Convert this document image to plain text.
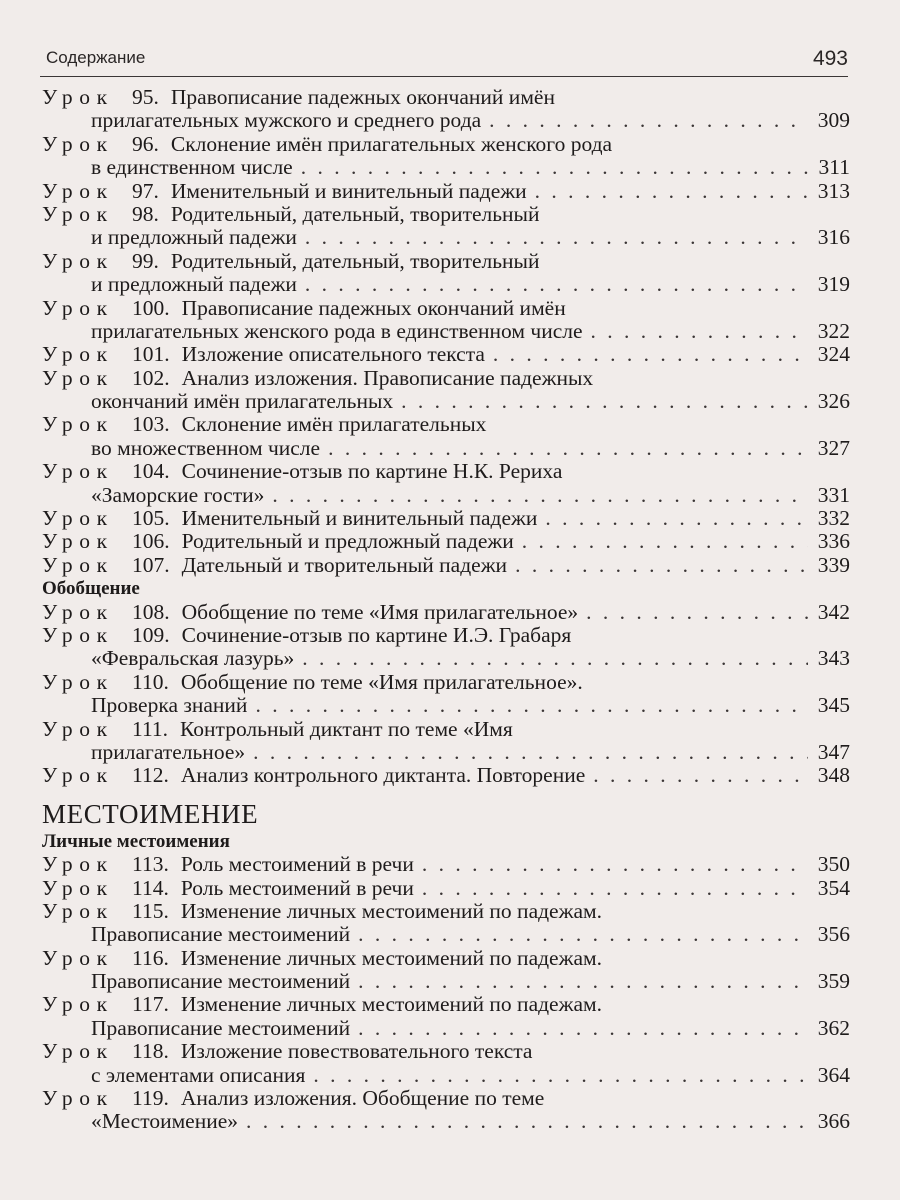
Содержание	493
Урок 95. Правописание падежных окончаний имён
прилагательных мужского и среднего рода . . .	309
Урок 96. Склонение имён прилагательных женского рода
в единственном числе . . .	311
Урок 97. Именительный и винительный падежи . . .	313
Урок 98. Родительный, дательный, творительный
и предложный падежи . . .	316
Урок 99. Родительный, дательный, творительный
и предложный падежи . . .	319
Урок 100. Правописание падежных окончаний имён
прилагательных женского рода в единственном числе . . .	322
Урок 101. Изложение описательного текста . . .	324
Урок 102. Анализ изложения. Правописание падежных
окончаний имён прилагательных . . .	326
Урок 103. Склонение имён прилагательных
во множественном числе . . .	327
Урок 104. Сочинение-отзыв по картине Н.К. Рериха
«Заморские гости» . . .	331
Урок 105. Именительный и винительный падежи . . .	332
Урок 106. Родительный и предложный падежи . . .	336
Урок 107. Дательный и творительный падежи . . .	339
Обобщение
Урок 108. Обобщение по теме «Имя прилагательное» . . .	342
Урок 109. Сочинение-отзыв по картине И.Э. Грабаря
«Февральская лазурь» . . .	343
Урок 110. Обобщение по теме «Имя прилагательное».
Проверка знаний . . .	345
Урок 111. Контрольный диктант по теме «Имя
прилагательное» . . .	347
Урок 112. Анализ контрольного диктанта. Повторение . . .	348
МЕСТОИМЕНИЕ
Личные местоимения
Урок 113. Роль местоимений в речи . . .	350
Урок 114. Роль местоимений в речи . . .	354
Урок 115. Изменение личных местоимений по падежам.
Правописание местоимений . . .	356
Урок 116. Изменение личных местоимений по падежам.
Правописание местоимений . . .	359
Урок 117. Изменение личных местоимений по падежам.
Правописание местоимений . . .	362
Урок 118. Изложение повествовательного текста
с элементами описания . . .	364
Урок 119. Анализ изложения. Обобщение по теме
«Местоимение» . . .	366
